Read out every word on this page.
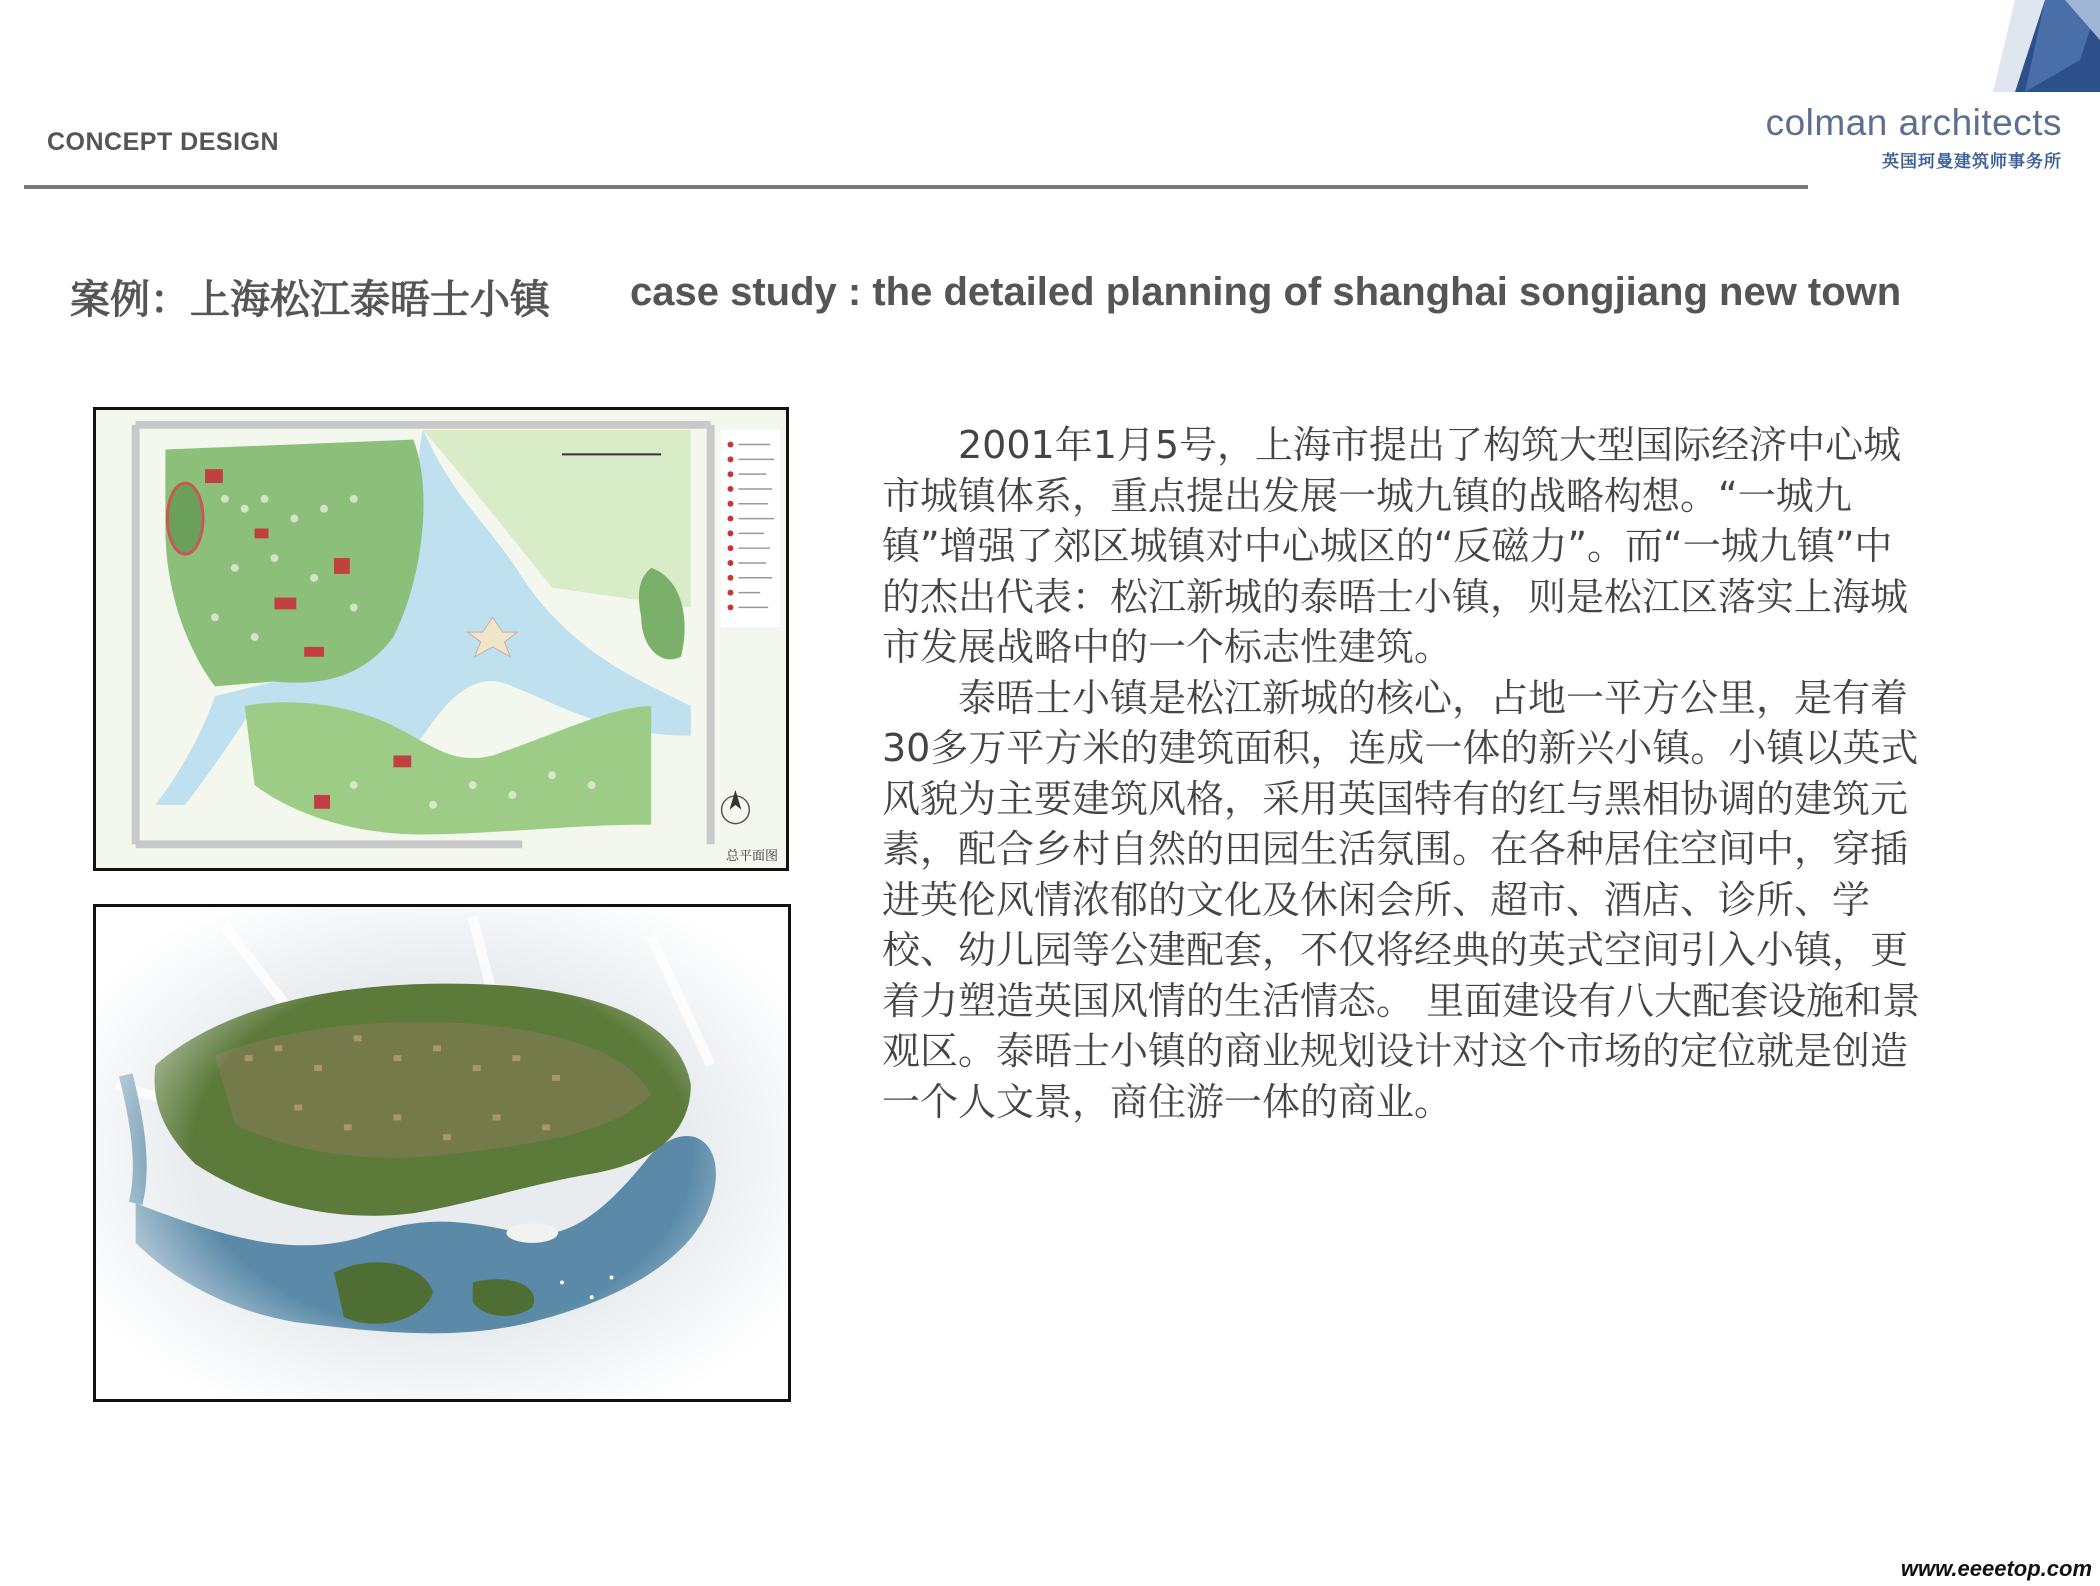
CONCEPT DESIGN	colman architects
英国珂曼建筑师事务所
案例：上海松江泰晤士小镇 case study : the detailed planning of shanghai songjiang new town
总平面图

　　2001年1月5号，上海市提出了构筑大型国际经济中心城市城镇体系，重点提出发展一城九镇的战略构想。“一城九镇”增强了郊区城镇对中心城区的“反磁力”。而“一城九镇”中的杰出代表：松江新城的泰晤士小镇，则是松江区落实上海城市发展战略中的一个标志性建筑。

　　泰晤士小镇是松江新城的核心，占地一平方公里，是有着30多万平方米的建筑面积，连成一体的新兴小镇。小镇以英式风貌为主要建筑风格，采用英国特有的红与黑相协调的建筑元素，配合乡村自然的田园生活氛围。在各种居住空间中，穿插进英伦风情浓郁的文化及休闲会所、超市、酒店、诊所、学校、幼儿园等公建配套，不仅将经典的英式空间引入小镇，更着力塑造英国风情的生活情态。 里面建设有八大配套设施和景观区。泰晤士小镇的商业规划设计对这个市场的定位就是创造一个人文景，商住游一体的商业。

www.eeeetop.com
